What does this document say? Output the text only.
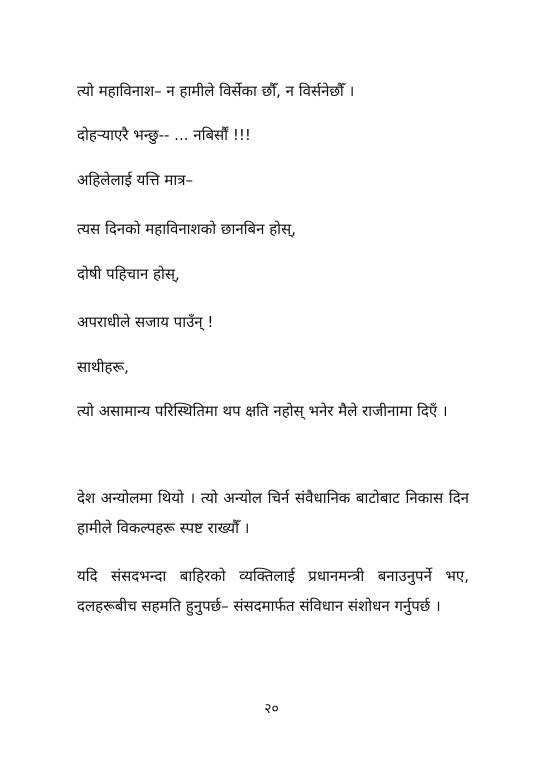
त्यो महाविनाश– न हामीले विर्सेका छौँ, न विर्सनेछौँ ।

दोहऱ्याएरै भन्छु-- ... नबिर्सौं !!!

अहिलेलाई यत्ति मात्र–

त्यस दिनको महाविनाशको छानबिन होस्,

दोषी पहिचान होस्,

अपराधीले सजाय पाउँन् !

साथीहरू,

त्यो असामान्य परिस्थितिमा थप क्षति नहोस् भनेर मैले राजीनामा दिएँ ।

देश अन्योलमा थियो । त्यो अन्योल चिर्न संवैधानिक बाटोबाट निकास दिन हामीले विकल्पहरू स्पष्ट राख्यौँ ।

यदि संसदभन्दा बाहिरको व्यक्तिलाई प्रधानमन्त्री बनाउनुपर्ने भए, दलहरूबीच सहमति हुनुपर्छ– संसदमार्फत संविधान संशोधन गर्नुपर्छ ।

२०
